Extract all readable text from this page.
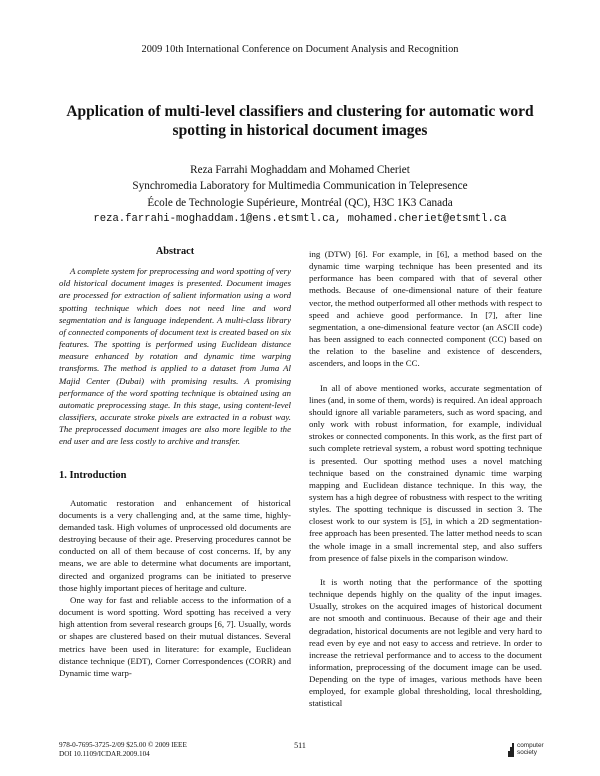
2009 10th International Conference on Document Analysis and Recognition
Application of multi-level classifiers and clustering for automatic word spotting in historical document images
Reza Farrahi Moghaddam and Mohamed Cheriet
Synchromedia Laboratory for Multimedia Communication in Telepresence
École de Technologie Supérieure, Montréal (QC), H3C 1K3 Canada
reza.farrahi-moghaddam.1@ens.etsmtl.ca, mohamed.cheriet@etsmtl.ca
Abstract

A complete system for preprocessing and word spotting of very old historical document images is presented. Document images are processed for extraction of salient information using a word spotting technique which does not need line and word segmentation and is language independent. A multi-class library of connected components of document text is created based on six features. The spotting is performed using Euclidean distance measure enhanced by rotation and dynamic time warping transforms. The method is applied to a dataset from Juma Al Majid Center (Dubai) with promising results. A promising performance of the word spotting technique is obtained using an automatic preprocessing stage. In this stage, using content-level classifiers, accurate stroke pixels are extracted in a robust way. The preprocessed document images are also more legible to the end user and are less costly to archive and transfer.

1. Introduction

Automatic restoration and enhancement of historical documents is a very challenging and, at the same time, highly-demanded task. High volumes of unprocessed old documents are destroying because of their age. Preserving procedures cannot be conducted on all of them because of cost concerns. If, by any means, we are able to determine what documents are important, directed and organized programs can be initiated to preserve those highly important pieces of heritage and culture.

One way for fast and reliable access to the information of a document is word spotting. Word spotting has received a very high attention from several research groups [6, 7]. Usually, words or shapes are clustered based on their mutual distances. Several metrics have been used in literature: for example, Euclidean distance technique (EDT), Corner Correspondences (CORR) and Dynamic time warp-

ing (DTW) [6]. For example, in [6], a method based on the dynamic time warping technique has been presented and its performance has been compared with that of several other methods. Because of one-dimensional nature of their feature vector, the method outperformed all other methods with respect to speed and achieve good performance. In [7], after line segmentation, a one-dimensional feature vector (an ASCII code) has been assigned to each connected component (CC) based on the relation to the baseline and existence of descenders, ascenders, and loops in the CC.

In all of above mentioned works, accurate segmentation of lines (and, in some of them, words) is required. An ideal approach should ignore all variable parameters, such as word spacing, and only work with robust information, for example, individual strokes or connected components. In this work, as the first part of such complete retrieval system, a robust word spotting technique is presented. Our spotting method uses a novel matching technique based on the constrained dynamic time warping mapping and Euclidean distance technique. In this way, the system has a high degree of robustness with respect to the writing styles. The spotting technique is discussed in section 3. The closest work to our system is [5], in which a 2D segmentation-free approach has been presented. The latter method needs to scan the whole image in a small incremental step, and also suffers from presence of false pixels in the comparison window.

It is worth noting that the performance of the spotting technique depends highly on the quality of the input images. Usually, strokes on the acquired images of historical document are not smooth and continuous. Because of their age and their degradation, historical documents are not legible and very hard to read even by eye and not easy to access and retrieve. In order to increase the retrieval performance and to access to the document information, preprocessing of the document image can be used. Depending on the type of images, various methods have been employed, for example global thresholding, local thresholding, statistical

978-0-7695-3725-2/09 $25.00 © 2009 IEEE
DOI 10.1109/ICDAR.2009.104
511	computer
society
